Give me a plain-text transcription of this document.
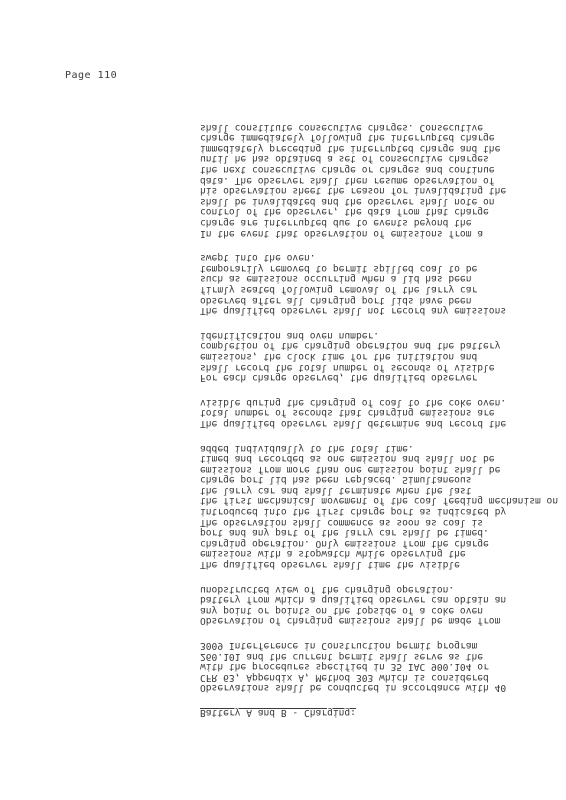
Page 110
Battery A and B - Charging:
Observations shall be conducted in accordance with 40
CFR 63, Appendix A, Method 303 which is considered
with the procedures specified in 35 IAC 900.104 or
260.101 and the current permit shall serve as the
3009 Interference in Construction permit program
Observation of charging emissions shall be made from
any point or points on the topside of a coke oven
battery from which a qualified observer can obtain an
unobstructed view of the charging operation.
The qualified observer shall time the visible
emissions with a stopwatch while observing the
charging operation. Only emissions from the charge
port and any part of the larry car shall be timed.
The observation shall commence as soon as coal is
introduced into the first charge port as indicated by
the first mechanical movement of the coal feeding mechanism on
the larry car and shall terminate when the last
charge port lid has been replaced. Simultaneous
emissions from more than one emission point shall be
timed and recorded as one emission and shall not be
added individually to the total time.
The qualified observer shall determine and record the
total number of seconds that charging emissions are
visible during the charging of coal to the coke oven.
For each charge observed, the qualified observer
shall record the total number of seconds of visible
emissions, the clock time for the initiation and
completion of the charging operation and the battery
identification and oven number.
The qualified observer shall not record any emissions
observed after all charging port lids have been
firmly seated following removal of the larry car
such as emissions occurring when a lid has been
temporarily removed to permit spilled coal to be
swept into the oven.
In the event that observation of emissions from a
charge are interrupted due to events beyond the
control of the observer, the data from that charge
shall be invalidated and the observer shall note on
his observation sheet the reason for invalidating the
data. The observer shall then resume observation of
the next consecutive charge or charges and continue
until he has obtained a set of consecutive charges
immediately preceding the interrupted charge and the
charge immediately following the interrupted charge
shall constitute consecutive charges. Consecutive
